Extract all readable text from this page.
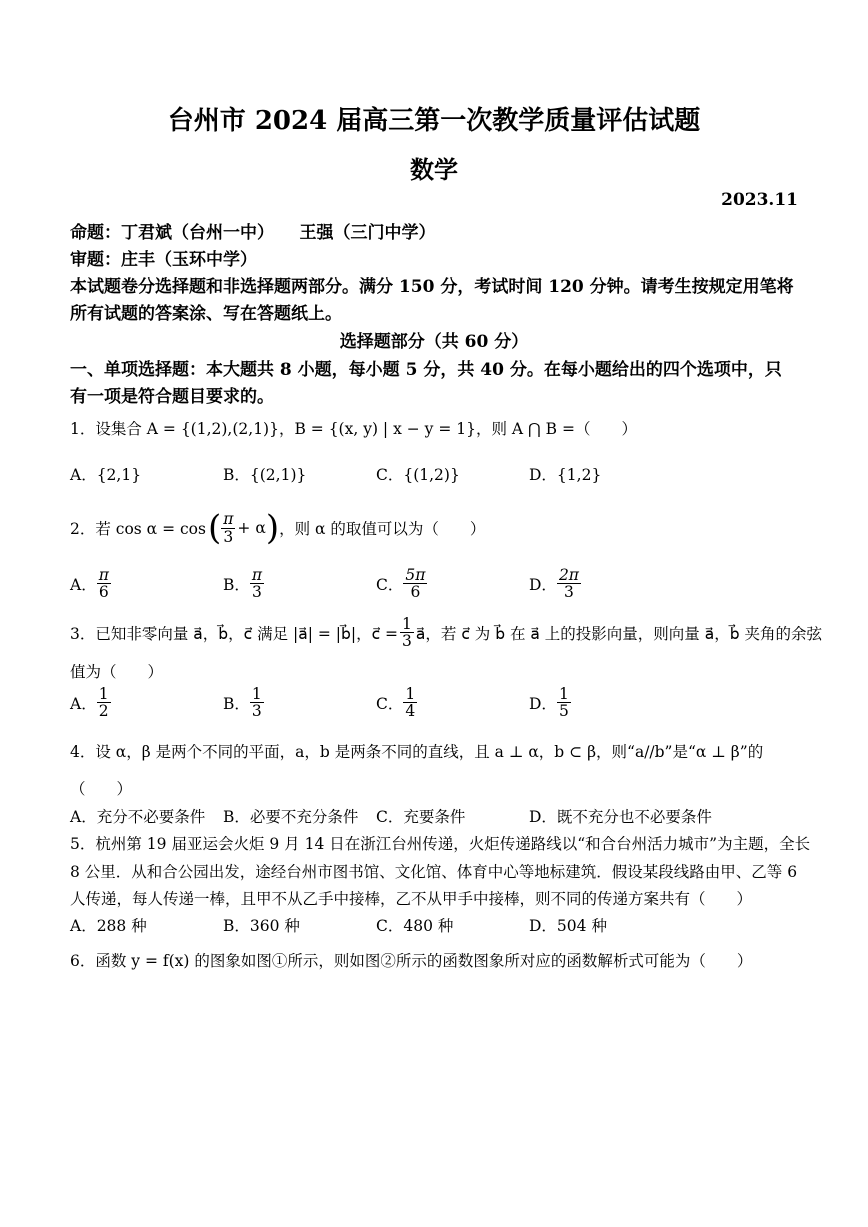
台州市 2024 届高三第一次教学质量评估试题
数学
2023.11
命题：丁君斌（台州一中）　　王强（三门中学）
审题：庄丰（玉环中学）
本试题卷分选择题和非选择题两部分。满分 150 分，考试时间 120 分钟。请考生按规定用笔将
所有试题的答案涂、写在答题纸上。
选择题部分（共 60 分）
一、单项选择题：本大题共 8 小题，每小题 5 分，共 40 分。在每小题给出的四个选项中，只
有一项是符合题目要求的。
1．设集合 A = {(1,2),(2,1)}，B = {(x, y) | x − y = 1}，则 A ⋂ B =（　　）
A．{2,1}	B．{(2,1)}	C．{(1,2)}	D．{1,2}
2．若 cos α = cos ( $\frac{\pi}{3} + \alpha$ ) ，则 α 的取值可以为（　　）
A． $\frac{\pi}{6}$	B． $\frac{\pi}{3}$	C． $\frac{5\pi}{6}$	D． $\frac{2\pi}{3}$
3．已知非零向量 a⃗，b⃗，c⃗ 满足 |a⃗| = |b⃗|，c⃗ = $\frac{1}{3}$ a⃗，若 c⃗ 为 b⃗ 在 a⃗ 上的投影向量，则向量 a⃗，b⃗ 夹角的余弦
值为（　　）
A． $\frac{1}{2}$	B． $\frac{1}{3}$	C． $\frac{1}{4}$	D． $\frac{1}{5}$
4．设 α，β 是两个不同的平面，a，b 是两条不同的直线，且 a ⊥ α，b ⊂ β，则“a//b”是“α ⊥ β”的
（　　）
A．充分不必要条件 B．必要不充分条件 C．充要条件	D．既不充分也不必要条件
5．杭州第 19 届亚运会火炬 9 月 14 日在浙江台州传递，火炬传递路线以“和合台州活力城市”为主题，全长
8 公里．从和合公园出发，途经台州市图书馆、文化馆、体育中心等地标建筑．假设某段线路由甲、乙等 6
人传递，每人传递一棒，且甲不从乙手中接棒，乙不从甲手中接棒，则不同的传递方案共有（　　）
A．288 种	B．360 种	C．480 种	D．504 种
6．函数 y = f(x) 的图象如图①所示，则如图②所示的函数图象所对应的函数解析式可能为（　　）
